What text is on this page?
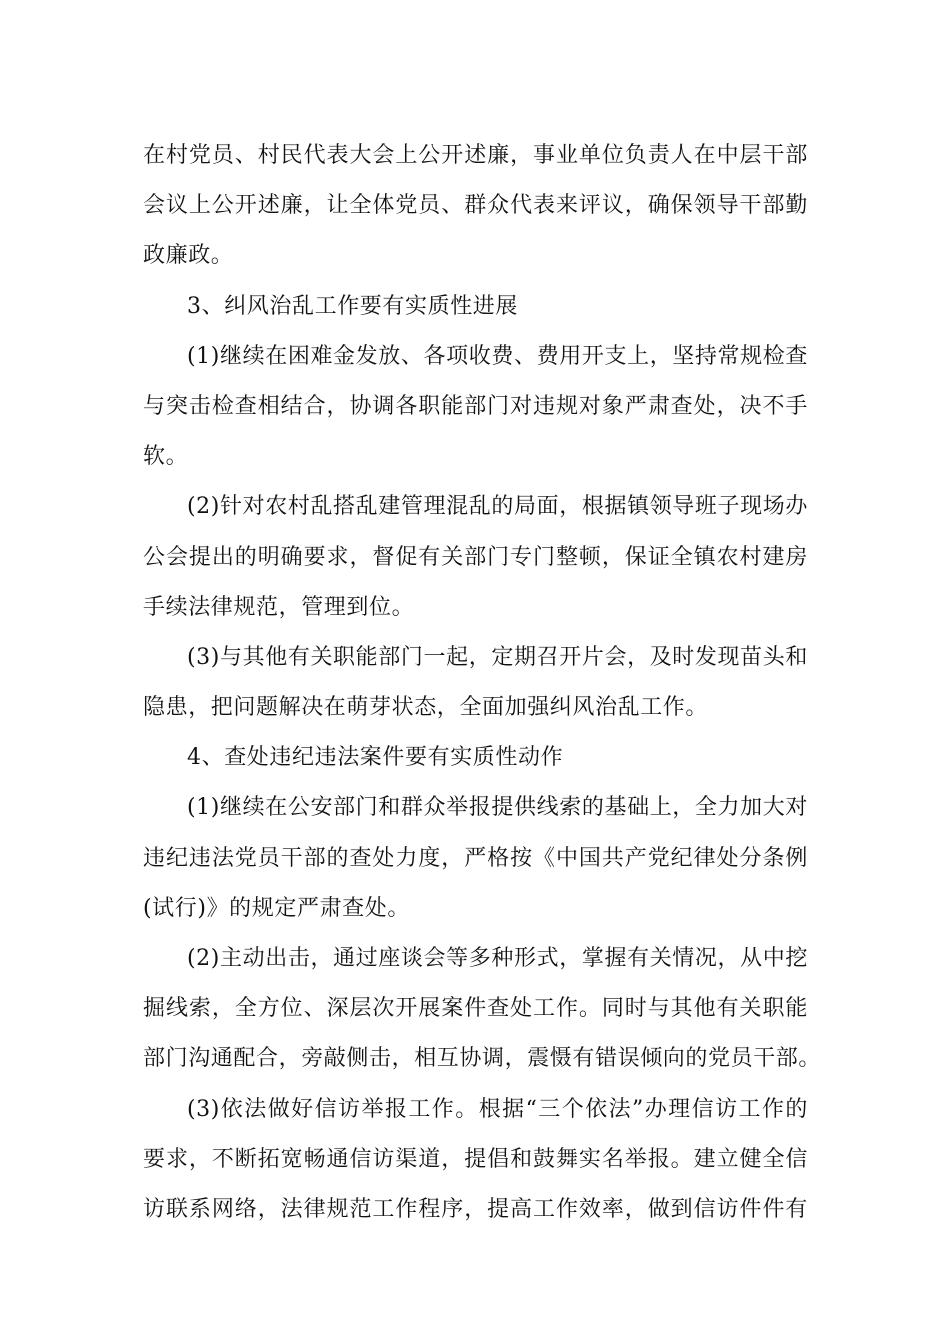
在村党员、村民代表大会上公开述廉，事业单位负责人在中层干部
会议上公开述廉，让全体党员、群众代表来评议，确保领导干部勤
政廉政。
3、纠风治乱工作要有实质性进展
(1)继续在困难金发放、各项收费、费用开支上，坚持常规检查
与突击检查相结合，协调各职能部门对违规对象严肃查处，决不手
软。
(2)针对农村乱搭乱建管理混乱的局面，根据镇领导班子现场办
公会提出的明确要求，督促有关部门专门整顿，保证全镇农村建房
手续法律规范，管理到位。
(3)与其他有关职能部门一起，定期召开片会，及时发现苗头和
隐患，把问题解决在萌芽状态，全面加强纠风治乱工作。
4、查处违纪违法案件要有实质性动作
(1)继续在公安部门和群众举报提供线索的基础上，全力加大对
违纪违法党员干部的查处力度，严格按《中国共产党纪律处分条例
(试行)》的规定严肃查处。
(2)主动出击，通过座谈会等多种形式，掌握有关情况，从中挖
掘线索，全方位、深层次开展案件查处工作。同时与其他有关职能
部门沟通配合，旁敲侧击，相互协调，震慑有错误倾向的党员干部。
(3)依法做好信访举报工作。根据“三个依法”办理信访工作的
要求，不断拓宽畅通信访渠道，提倡和鼓舞实名举报。建立健全信
访联系网络，法律规范工作程序，提高工作效率，做到信访件件有
